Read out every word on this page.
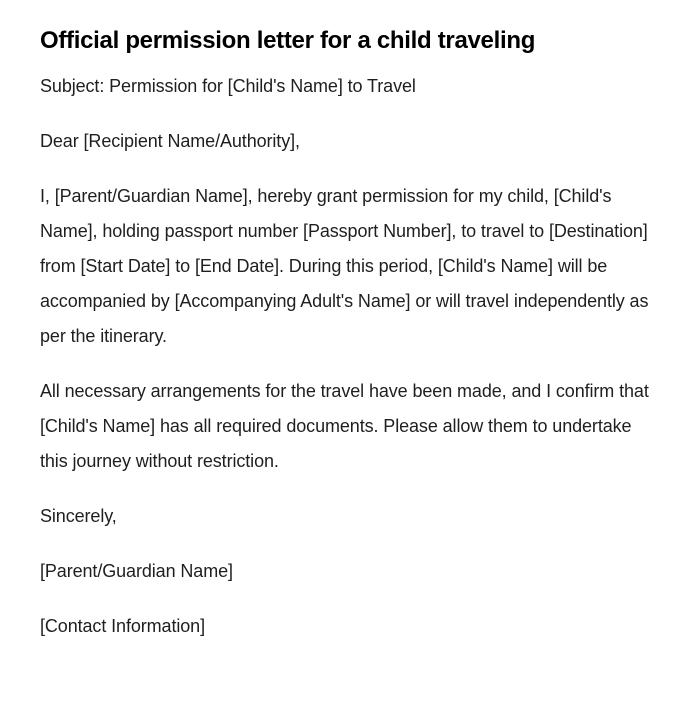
Official permission letter for a child traveling

Subject: Permission for [Child's Name] to Travel

Dear [Recipient Name/Authority],

I, [Parent/Guardian Name], hereby grant permission for my child, [Child's Name], holding passport number [Passport Number], to travel to [Destination] from [Start Date] to [End Date]. During this period, [Child's Name] will be accompanied by [Accompanying Adult's Name] or will travel independently as per the itinerary.

All necessary arrangements for the travel have been made, and I confirm that [Child's Name] has all required documents. Please allow them to undertake this journey without restriction.

Sincerely,

[Parent/Guardian Name]

[Contact Information]
